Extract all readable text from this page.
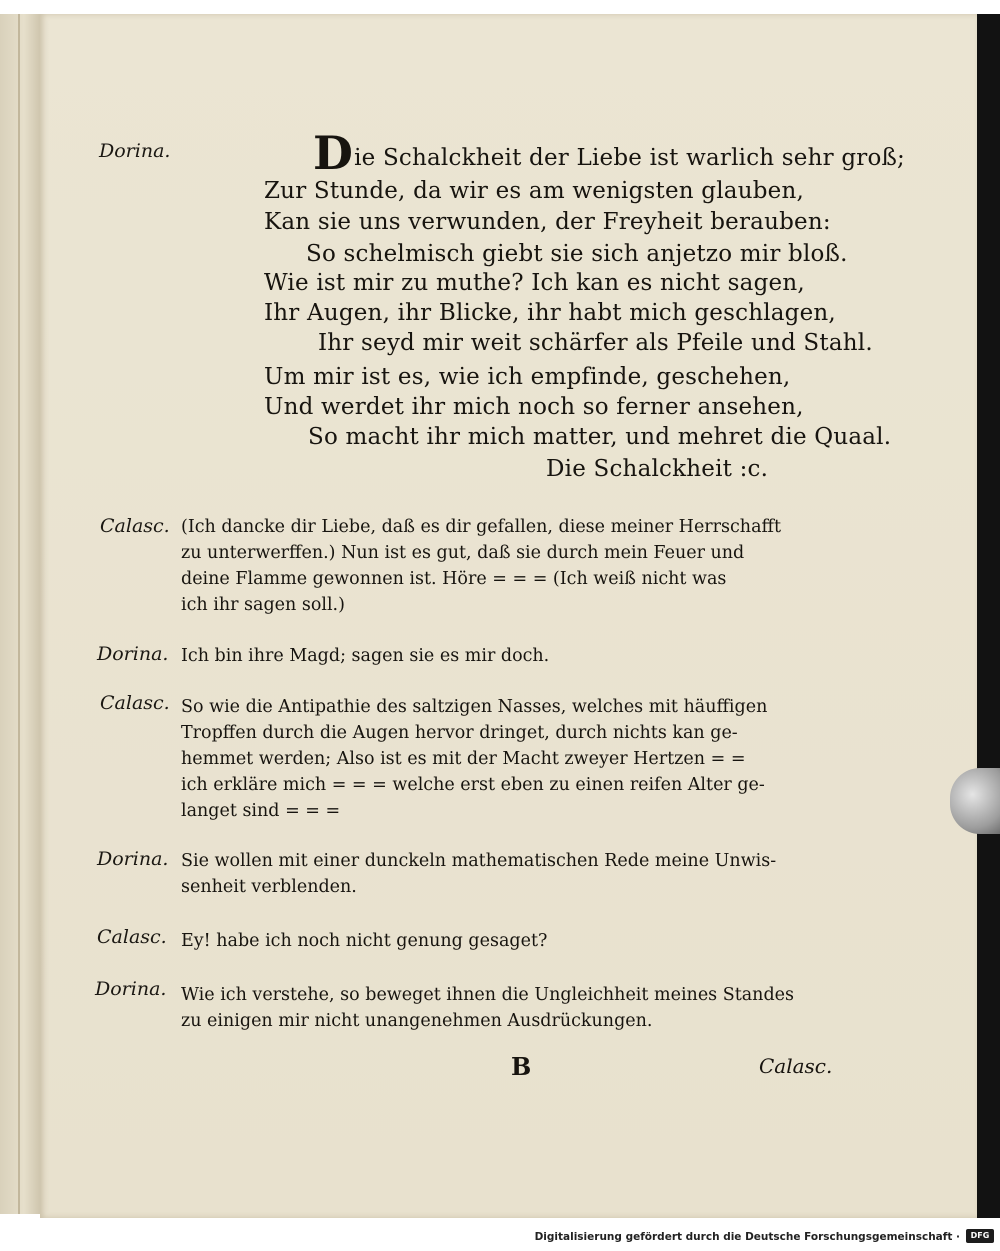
Dorina.	Die Schalckheit der Liebe ist warlich sehr groß;
Zur Stunde, da wir es am wenigsten glauben,
Kan sie uns verwunden, der Freyheit berauben:
So schelmisch giebt sie sich anjetzo mir bloß.
Wie ist mir zu muthe? Ich kan es nicht sagen,
Ihr Augen, ihr Blicke, ihr habt mich geschlagen,
Ihr seyd mir weit schärfer als Pfeile und Stahl.
Um mir ist es, wie ich empfinde, geschehen,
Und werdet ihr mich noch so ferner ansehen,
So macht ihr mich matter, und mehret die Quaal.
Die Schalckheit :c.
Calasc. (Ich dancke dir Liebe, daß es dir gefallen, diese meiner Herrschafft
zu unterwerffen.) Nun ist es gut, daß sie durch mein Feuer und
deine Flamme gewonnen ist. Höre = = = (Ich weiß nicht was
ich ihr sagen soll.)
Dorina. Ich bin ihre Magd; sagen sie es mir doch.
Calasc. So wie die Antipathie des saltzigen Nasses, welches mit häuffigen
Tropffen durch die Augen hervor dringet, durch nichts kan ge-
hemmet werden; Also ist es mit der Macht zweyer Hertzen = =
ich erkläre mich = = = welche erst eben zu einen reifen Alter ge-
langet sind = = =
Dorina. Sie wollen mit einer dunckeln mathematischen Rede meine Unwis-
senheit verblenden.
Calasc. Ey! habe ich noch nicht genung gesaget?
Dorina. Wie ich verstehe, so beweget ihnen die Ungleichheit meines Standes
zu einigen mir nicht unangenehmen Ausdrückungen.
B	Calasc.
Digitalisierung gefördert durch die Deutsche Forschungsgemeinschaft ·	DFG
